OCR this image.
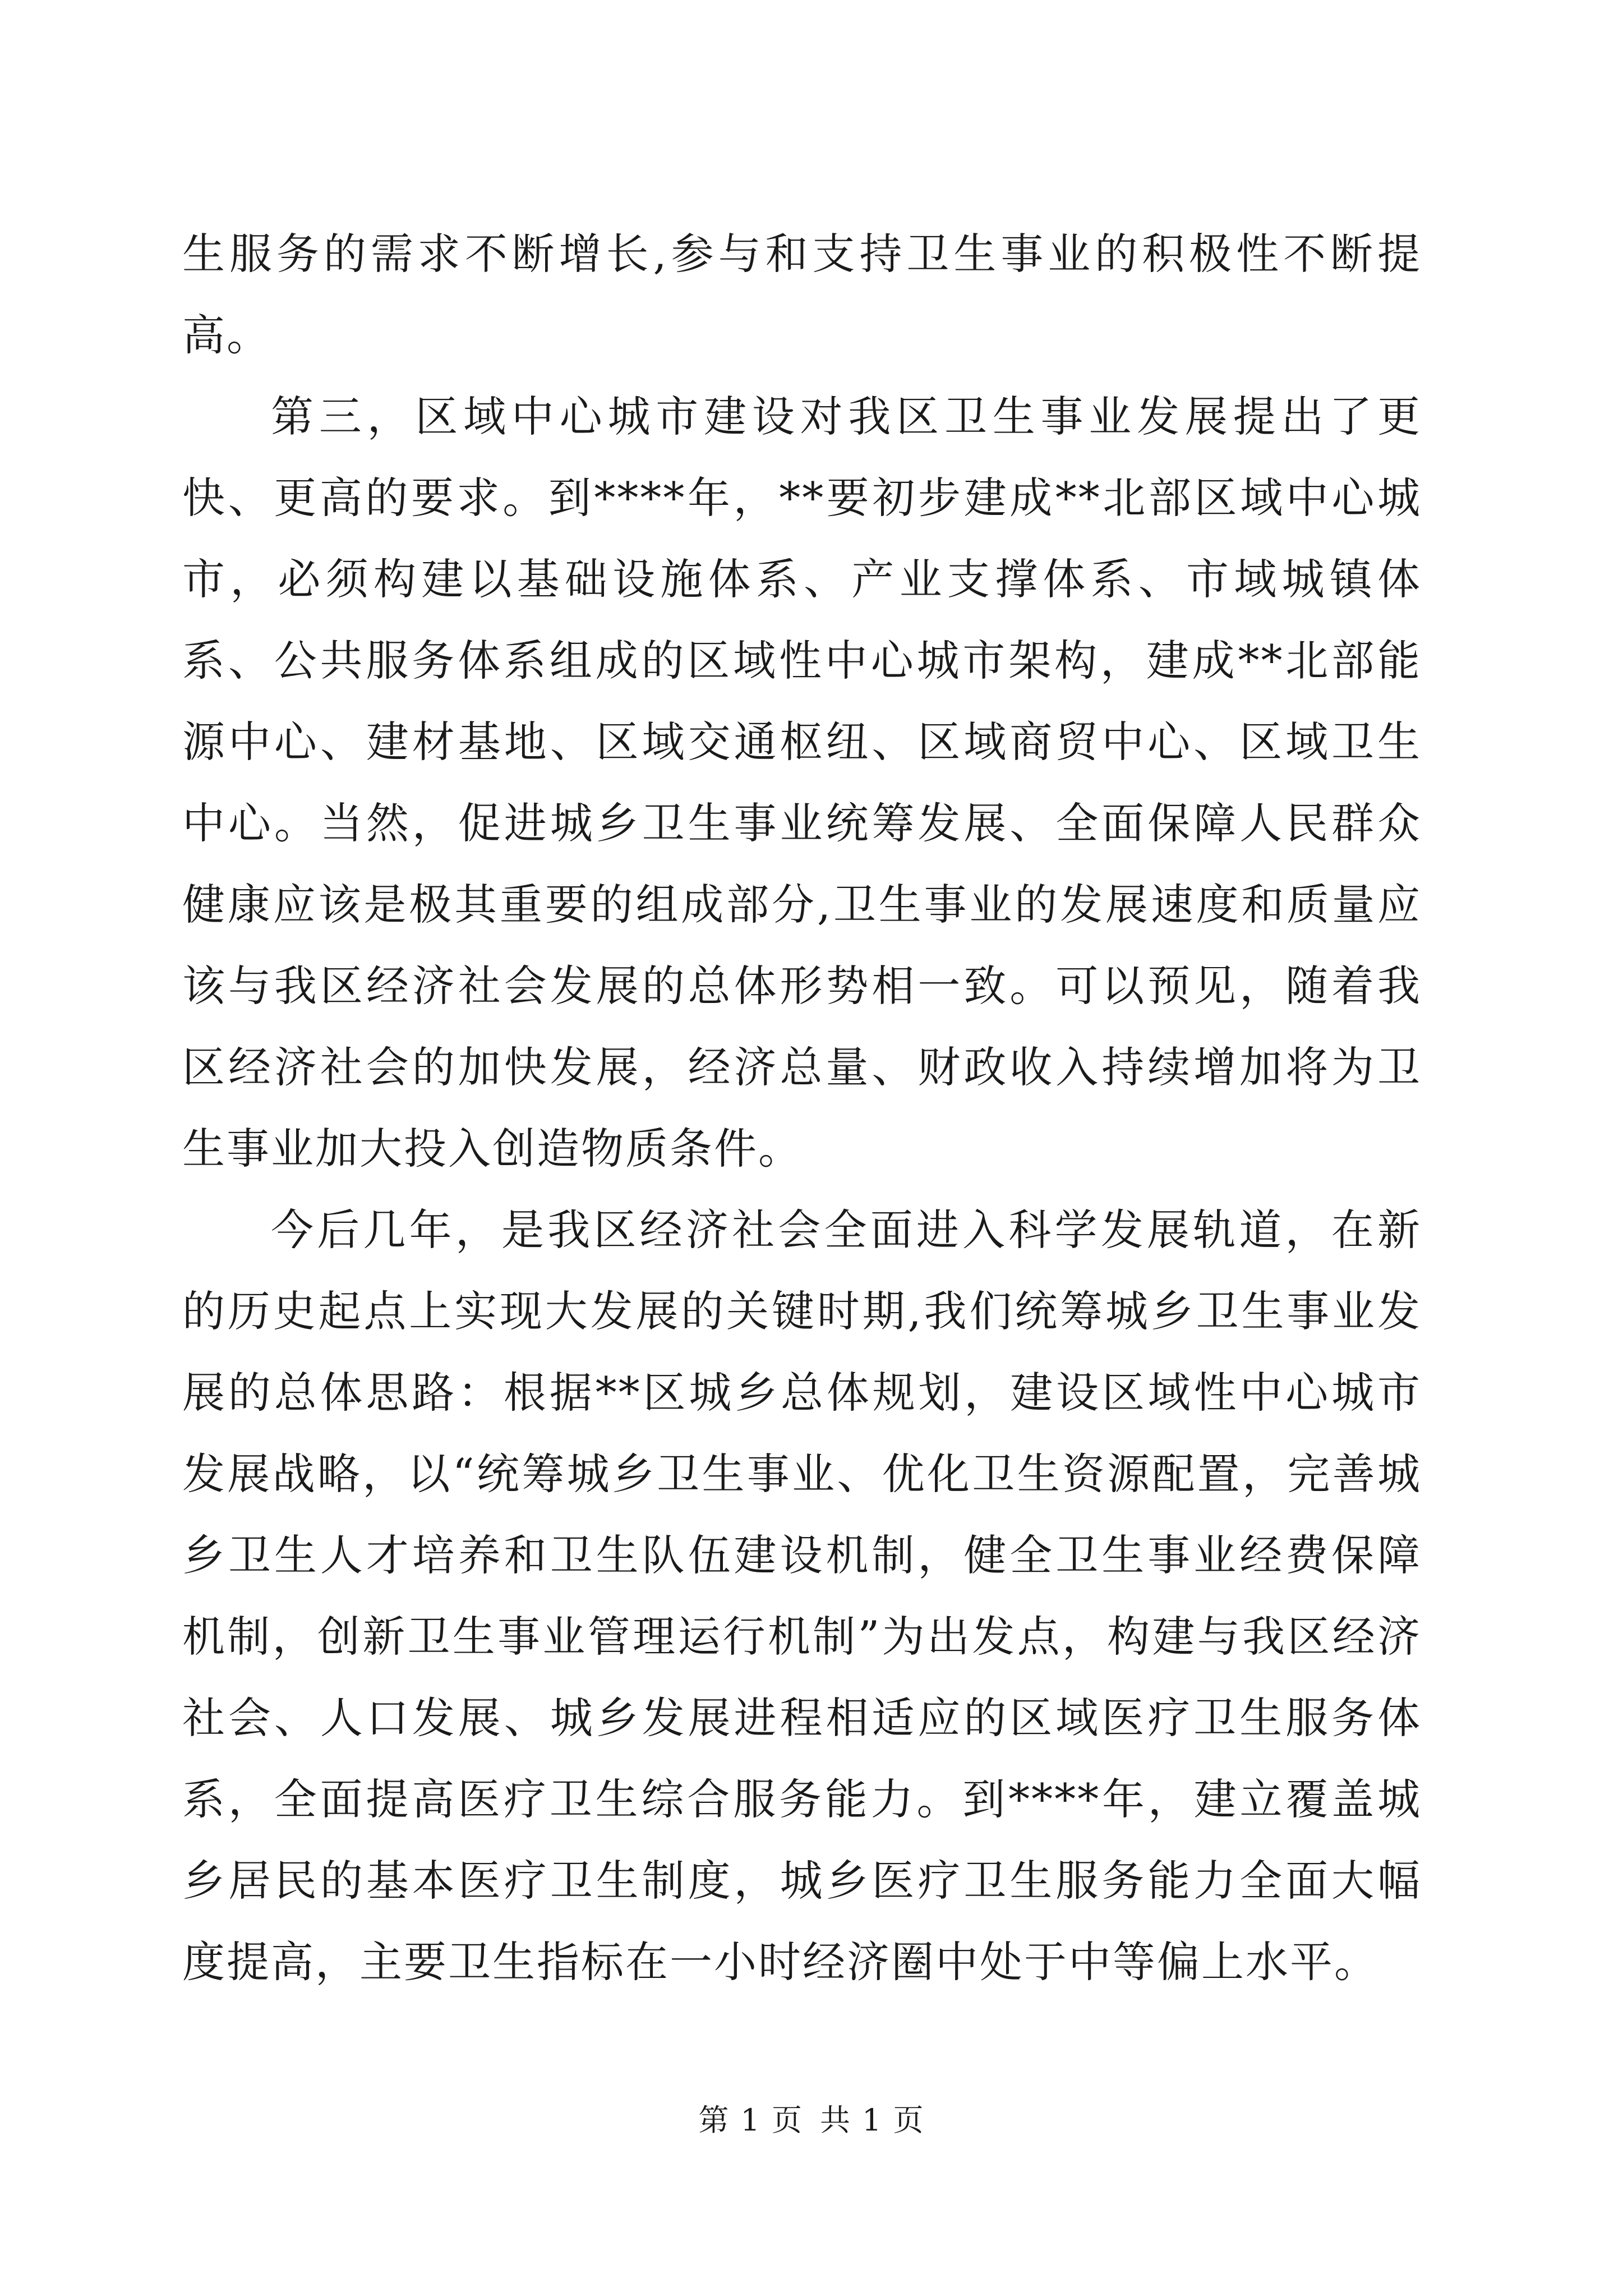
生服务的需求不断增长,参与和支持卫生事业的积极性不断提高。

第三，区域中心城市建设对我区卫生事业发展提出了更快、更高的要求。到****年，**要初步建成**北部区域中心城市，必须构建以基础设施体系、产业支撑体系、市域城镇体系、公共服务体系组成的区域性中心城市架构，建成**北部能源中心、建材基地、区域交通枢纽、区域商贸中心、区域卫生中心。当然，促进城乡卫生事业统筹发展、全面保障人民群众健康应该是极其重要的组成部分,卫生事业的发展速度和质量应该与我区经济社会发展的总体形势相一致。可以预见，随着我区经济社会的加快发展，经济总量、财政收入持续增加将为卫生事业加大投入创造物质条件。

今后几年，是我区经济社会全面进入科学发展轨道，在新的历史起点上实现大发展的关键时期,我们统筹城乡卫生事业发展的总体思路：根据**区城乡总体规划，建设区域性中心城市发展战略，以“统筹城乡卫生事业、优化卫生资源配置，完善城乡卫生人才培养和卫生队伍建设机制，健全卫生事业经费保障机制，创新卫生事业管理运行机制”为出发点，构建与我区经济社会、人口发展、城乡发展进程相适应的区域医疗卫生服务体系，全面提高医疗卫生综合服务能力。到****年，建立覆盖城乡居民的基本医疗卫生制度，城乡医疗卫生服务能力全面大幅度提高，主要卫生指标在一小时经济圈中处于中等偏上水平。

第 1 页 共 1 页
